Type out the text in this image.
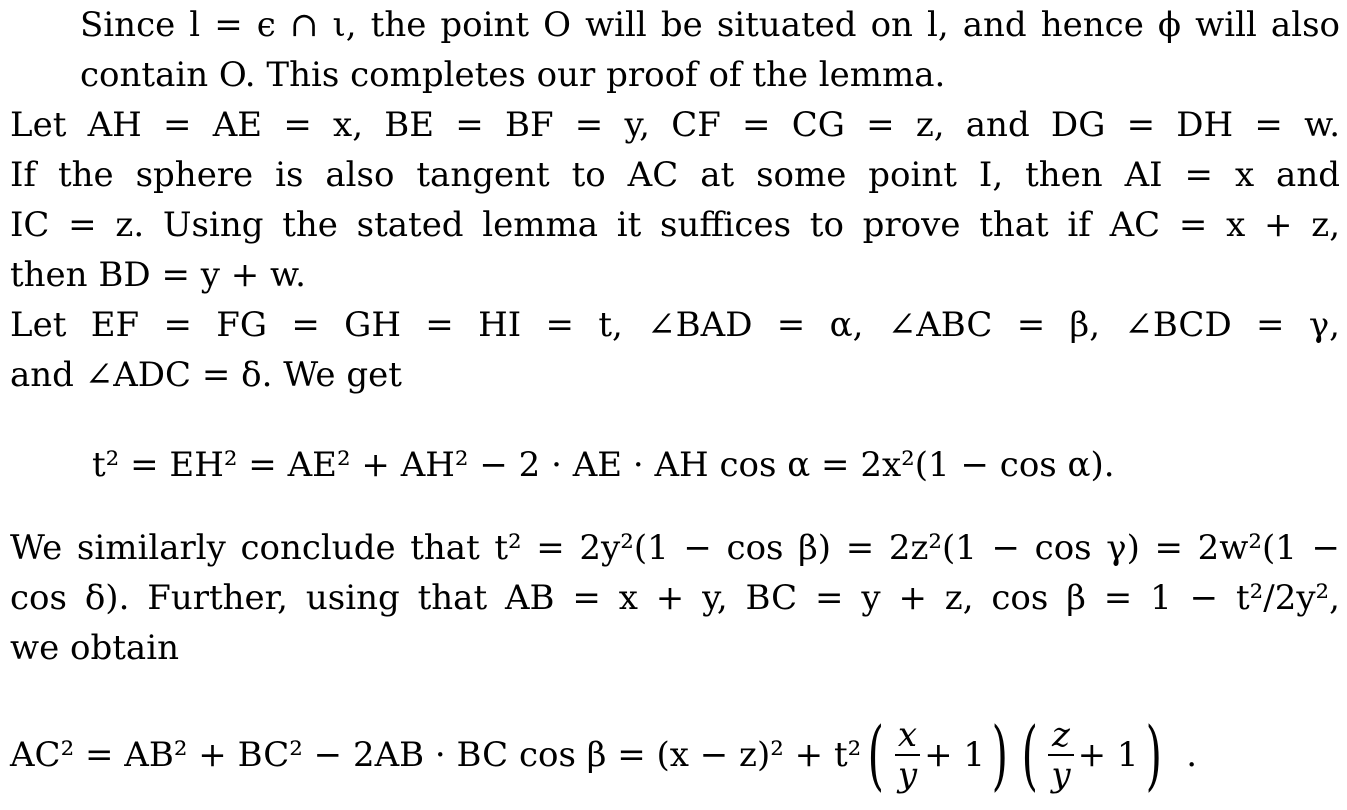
Since l = ϵ ∩ ι, the point O will be situated on l, and hence ϕ will also
contain O. This completes our proof of the lemma.
Let AH = AE = x, BE = BF = y, CF = CG = z, and DG = DH = w.
If the sphere is also tangent to AC at some point I, then AI = x and
IC = z. Using the stated lemma it suffices to prove that if AC = x + z,
then BD = y + w.
Let EF = FG = GH = HI = t, ∠BAD = α, ∠ABC = β, ∠BCD = γ,
and ∠ADC = δ. We get
t² = EH² = AE² + AH² − 2 · AE · AH cos α = 2x²(1 − cos α).
We similarly conclude that t² = 2y²(1 − cos β) = 2z²(1 − cos γ) = 2w²(1 −
cos δ). Further, using that AB = x + y, BC = y + z, cos β = 1 − t²/2y²,
we obtain
AC² = AB² + BC² − 2AB · BC cos β = (x − z)² + t² ( $\frac{x}{y} + 1$ ) ( $\frac{z}{y} + 1$ ) .
